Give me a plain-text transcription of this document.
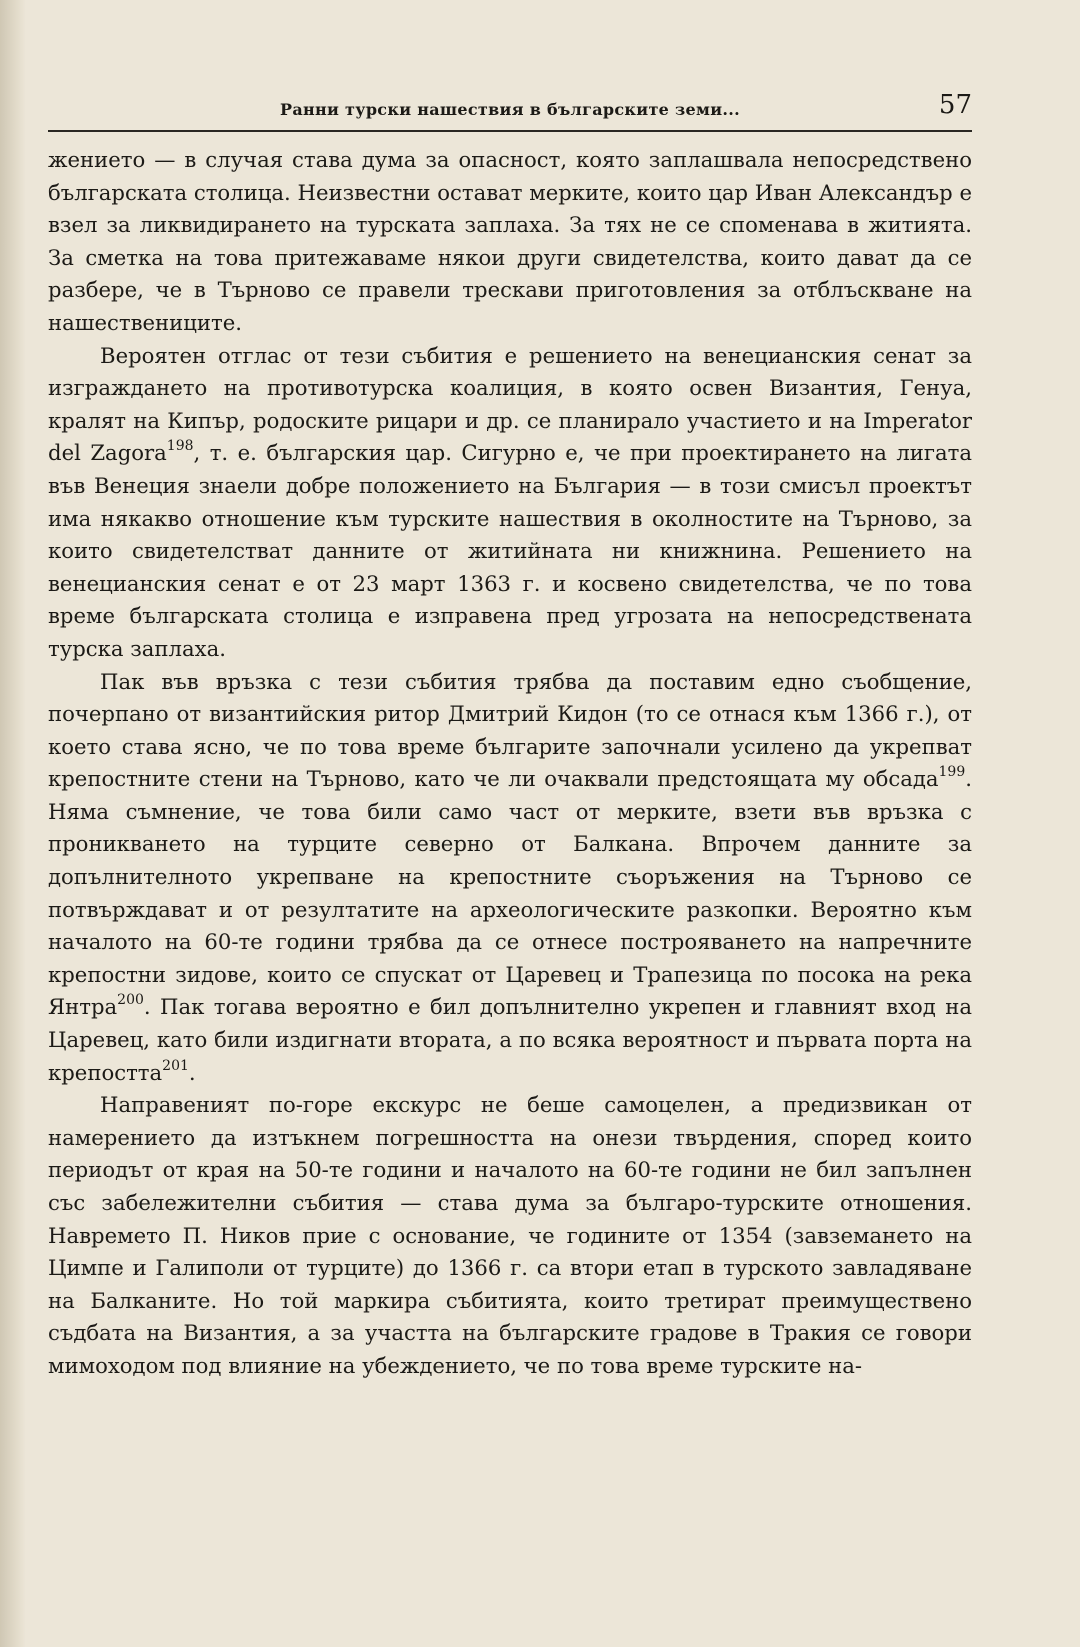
Ранни турски нашествия в българските земи...	57

жението — в случая става дума за опасност, която заплашвала непосредствено българската столица. Неизвестни остават мерките, които цар Иван Александър е взел за ликвидирането на турската заплаха. За тях не се споменава в житията. За сметка на това притежаваме някои други свидетелства, които дават да се разбере, че в Търново се правели трескави приготовления за отблъскване на нашествениците.

Вероятен отглас от тези събития е решението на венецианския сенат за изграждането на противотурска коалиция, в която освен Византия, Генуа, кралят на Кипър, родоските рицари и др. се планирало участието и на Imperator del Zagora$^{198}$, т. е. българския цар. Сигурно е, че при проектирането на лигата във Венеция знаели добре положението на България — в този смисъл проектът има някакво отношение към турските нашествия в околностите на Търново, за които свидетелстват данните от житийната ни книжнина. Решението на венецианския сенат е от 23 март 1363 г. и косвено свидетелства, че по това време българската столица е изправена пред угрозата на непосредствената турска заплаха.

Пак във връзка с тези събития трябва да поставим едно съобщение, почерпано от византийския ритор Дмитрий Кидон (то се отнася към 1366 г.), от което става ясно, че по това време българите започнали усилено да укрепват крепостните стени на Търново, като че ли очаквали предстоящата му обсада$^{199}$. Няма съмнение, че това били само част от мерките, взети във връзка с проникването на турците северно от Балкана. Впрочем данните за допълнителното укрепване на крепостните съоръжения на Търново се потвърждават и от резултатите на археологическите разкопки. Вероятно към началото на 60-те години трябва да се отнесе построяването на напречните крепостни зидове, които се спускат от Царевец и Трапезица по посока на река Янтра$^{200}$. Пак тогава вероятно е бил допълнително укрепен и главният вход на Царевец, като били издигнати втората, а по всяка вероятност и първата порта на крепостта$^{201}$.

Направеният по-горе екскурс не беше самоцелен, а предизвикан от намерението да изтъкнем погрешността на онези твърдения, според които периодът от края на 50-те години и началото на 60-те години не бил запълнен със забележителни събития — става дума за българо-турските отношения. Навремето П. Ников прие с основание, че годините от 1354 (завземането на Цимпе и Галиполи от турците) до 1366 г. са втори етап в турското завладяване на Балканите. Но той маркира събитията, които третират преимуществено съдбата на Византия, а за участта на българските градове в Тракия се говори мимоходом под влияние на убеждението, че по това време турските на-
